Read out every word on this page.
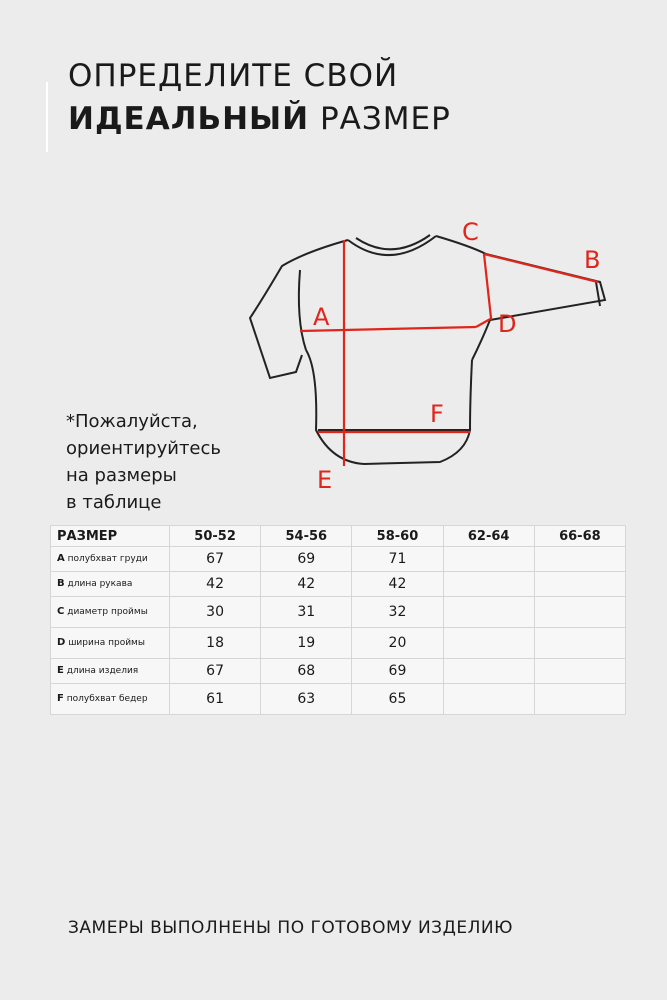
ОПРЕДЕЛИТЕ СВОЙ
ИДЕАЛЬНЫЙ РАЗМЕР
A
B
C
D
E
F
*Пожалуйста,
ориентируйтесь
на размеры
в таблице
РАЗМЕР	50-52	54-56	58-60	62-64	66-68
A полубхват груди	67	69	71		
B длина рукава	42	42	42		
C диаметр проймы	30	31	32		
D ширина проймы	18	19	20		
E длина изделия	67	68	69		
F полубхват бедер	61	63	65		
ЗАМЕРЫ ВЫПОЛНЕНЫ ПО ГОТОВОМУ ИЗДЕЛИЮ
